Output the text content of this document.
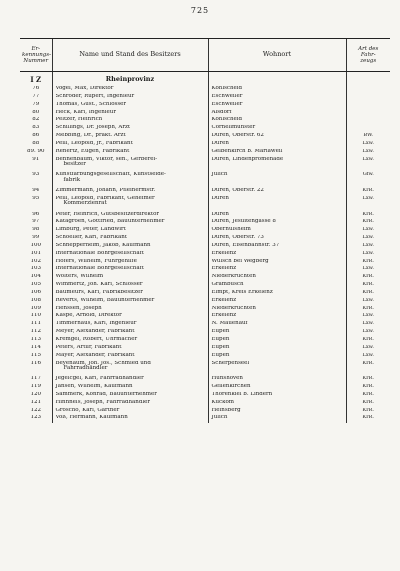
725
Er-
kennungs-
Nummer	Name und Stand des Besitzers	Wohnort	Art des
Fahr-
zeugs
I Z	Rheinprovinz		
76	Vogel, Max, Direktor	Kohlscheid	
77	Schröder, Rupert, Ingenieur	Eschweiler	
79	Thomas, Gust., Schlosser	Eschweiler	
80	Heck, Karl, Ingenieur	Alsdorf	
82	Peltzer, Heinrich	Kohlscheid	
83	Schillings, Dr. Joseph, Arzt	Cornelimünster	
86	Mebbing, Dr., prakt. Arzt	Düren, Oberstr. 62	BW.
88	Peill, Leopold, jr., Fabrikant	Düren	Lxw.
89. 90	Renertz, Eugen, Fabrikant	Gelbenkirch b. Mariaweil	Lxw.
91	Bennenbaum, Viktor, sen., Gerberei-
besitzer	Düren, Lindenpromenade	Lxw.
93	Kunstfärbungsgesellschaft, Kunstseide-
fabrik	Jülich	Gfw.
94	Zimmermann, Johann, Pfleinermstr.	Düren, Oberstr. 22	KrR.
95	Peill, Leopold, Fabrikant, Geheimer
Kommerzienrat	Düren	Lxw.
96	Peter, Heinrich, Gutsbesitzerdirektor	Düren	KrR.
97	Katagroen, Gottfried, Bauunternehmer	Düren, Jesuitengasse 8	KrR.
98	Limburg, Peter, Landwirt	Oberhülsheim	Lxw.
99	Schoeller, Karl, Fabrikant	Düren, Oberstr. 73	Lxw.
100	Schnepperheim, Jakob, Kaufmann	Düren, Eisenbahnstr. 37	Lxw.
101	Internationale Bohrgesellschaft	Erkelenz	Lxw.
102	Höfers, Wilhelm, Fuhrgehilfe	Wülsch bei Wegberg	KrR.
103	Internationale Bohrgesellschaft	Erkelenz	Lxw.
104	Wolters, Wilhelm	Niederkrüchten	KrR.
105	Wimmertz, Joh. Karl, Schlosser	Grambusch	KrR.
106	Baumeurs, Karl, Fabrikbesitzer	Elmpt, Kreis Erkelenz	KrR.
108	Reverts, Wilhelm, Bauunternehmer	Erkelenz	Lxw.
109	Henssen, Joseph	Niederkrüchten	KrR.
110	Kaspe, Arnold, Direktor	Erkelenz	Lxw.
111	Timmerhaus, Karl, Ingenieur	N. Mauenauf	Lxw.
112	Meyer, Alexander, Fabrikant	Eupen	Lxw.
113	Kremgel, Robert, Uhrmacher	Eupen	KrR.
114	Peters, Artur, Fabrikant	Eupen	Lxw.
115	Mayer, Alexander, Fabrikant	Eupen	Lxw.
116	Beyenaum, Joh. Jos., Schmied und
Fahrradhändler	Scherpenseel	KrR.
117	Jegelcgel, Karl, Fahrradhändler	Hünshoven	KrR.
119	Jansen, Wilhelm, Kaufmann	Geilenkirchen	KrR.
120	Sammerk, Konrad, Bauunternehmer	Thorenkiel b. Lindern	KrR.
121	Hinnnels, Joseph, Fahrradhändler	Kuckom	KrR.
122	Groscho, Karl, Gärtner	Heinsberg	KrR.
123	Voß, Hermann, Kaufmann	Jülich	KrR.
